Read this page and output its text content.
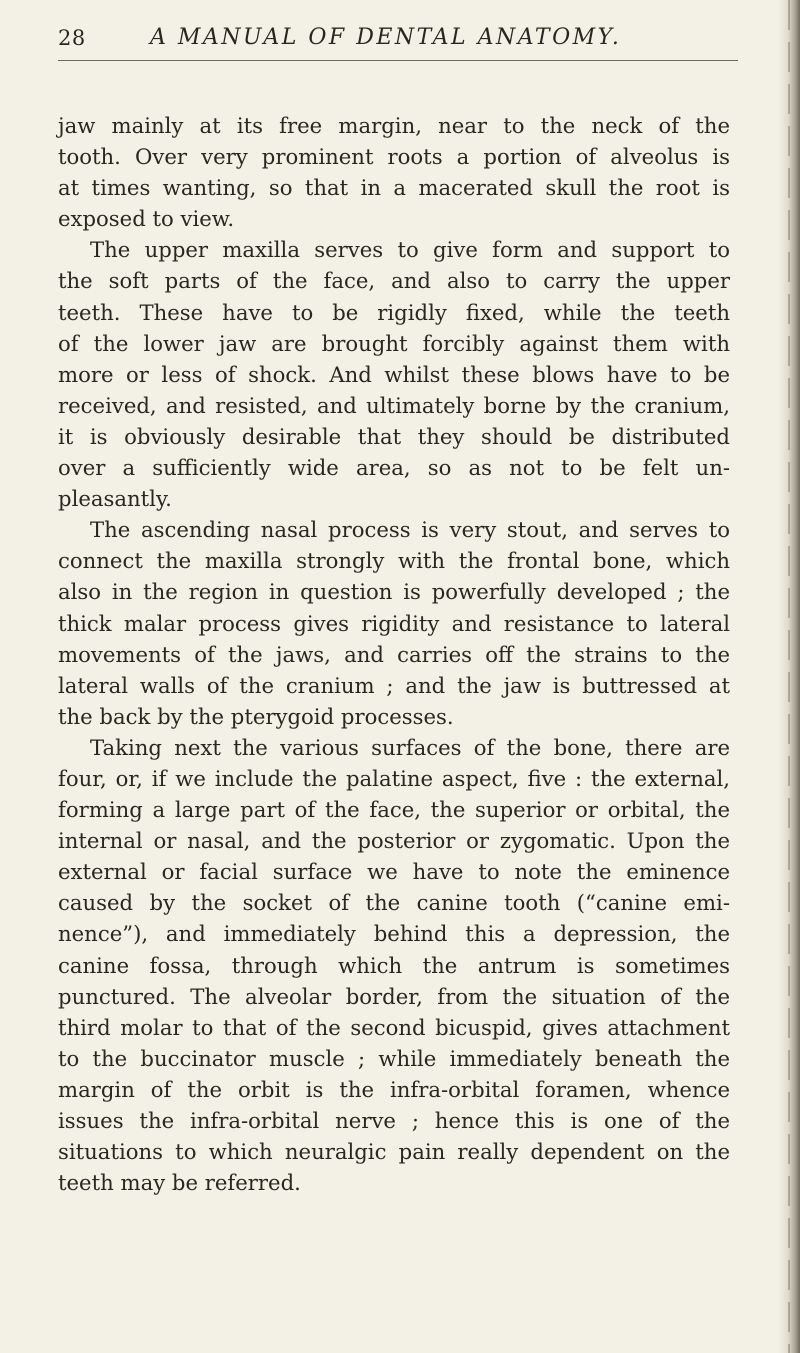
28	A MANUAL OF DENTAL ANATOMY.
jaw mainly at its free margin, near to the neck of the
tooth. Over very prominent roots a portion of alveolus is
at times wanting, so that in a macerated skull the root is
exposed to view.
The upper maxilla serves to give form and support to
the soft parts of the face, and also to carry the upper
teeth. These have to be rigidly fixed, while the teeth
of the lower jaw are brought forcibly against them with
more or less of shock. And whilst these blows have to be
received, and resisted, and ultimately borne by the cranium,
it is obviously desirable that they should be distributed
over a sufficiently wide area, so as not to be felt un-
pleasantly.
The ascending nasal process is very stout, and serves to
connect the maxilla strongly with the frontal bone, which
also in the region in question is powerfully developed ; the
thick malar process gives rigidity and resistance to lateral
movements of the jaws, and carries off the strains to the
lateral walls of the cranium ; and the jaw is buttressed at
the back by the pterygoid processes.
Taking next the various surfaces of the bone, there are
four, or, if we include the palatine aspect, five : the external,
forming a large part of the face, the superior or orbital, the
internal or nasal, and the posterior or zygomatic. Upon the
external or facial surface we have to note the eminence
caused by the socket of the canine tooth (“canine emi-
nence”), and immediately behind this a depression, the
canine fossa, through which the antrum is sometimes
punctured. The alveolar border, from the situation of the
third molar to that of the second bicuspid, gives attachment
to the buccinator muscle ; while immediately beneath the
margin of the orbit is the infra-orbital foramen, whence
issues the infra-orbital nerve ; hence this is one of the
situations to which neuralgic pain really dependent on the
teeth may be referred.
